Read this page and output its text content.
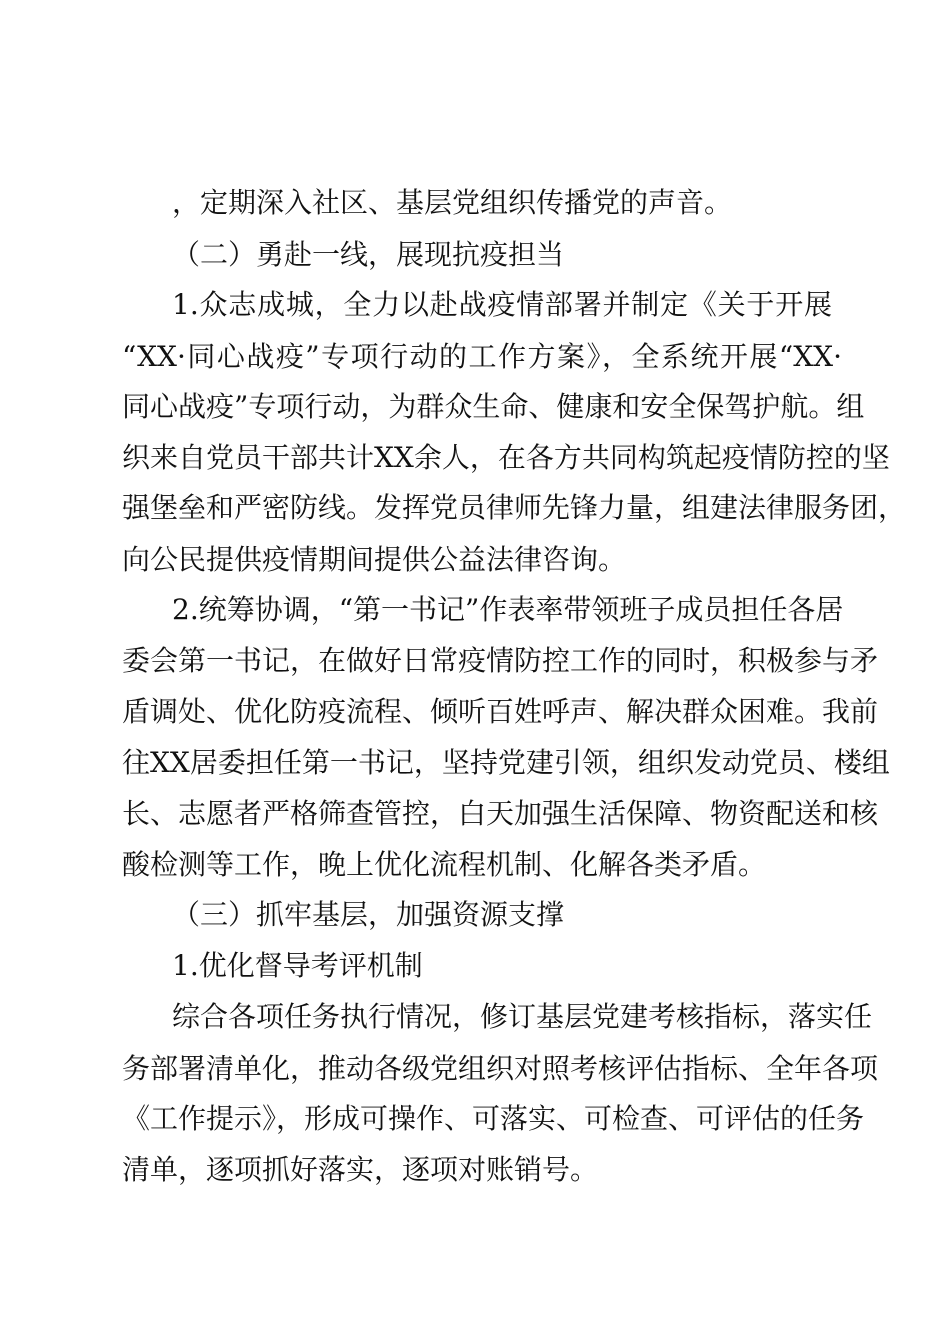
，定期深入社区、基层党组织传播党的声音。
（二）勇赴一线，展现抗疫担当
1.众志成城，全力以赴战疫情部署并制定《关于开展
“XX·同心战疫”专项行动的工作方案》，全系统开展“XX·
同心战疫”专项行动，为群众生命、健康和安全保驾护航。组
织来自党员干部共计XX余人，在各方共同构筑起疫情防控的坚
强堡垒和严密防线。发挥党员律师先锋力量，组建法律服务团，
向公民提供疫情期间提供公益法律咨询。
2.统筹协调，“第一书记”作表率带领班子成员担任各居
委会第一书记，在做好日常疫情防控工作的同时，积极参与矛
盾调处、优化防疫流程、倾听百姓呼声、解决群众困难。我前
往XX居委担任第一书记，坚持党建引领，组织发动党员、楼组
长、志愿者严格筛查管控，白天加强生活保障、物资配送和核
酸检测等工作，晚上优化流程机制、化解各类矛盾。
（三）抓牢基层，加强资源支撑
1.优化督导考评机制
综合各项任务执行情况，修订基层党建考核指标，落实任
务部署清单化，推动各级党组织对照考核评估指标、全年各项
《工作提示》，形成可操作、可落实、可检查、可评估的任务
清单，逐项抓好落实，逐项对账销号。
